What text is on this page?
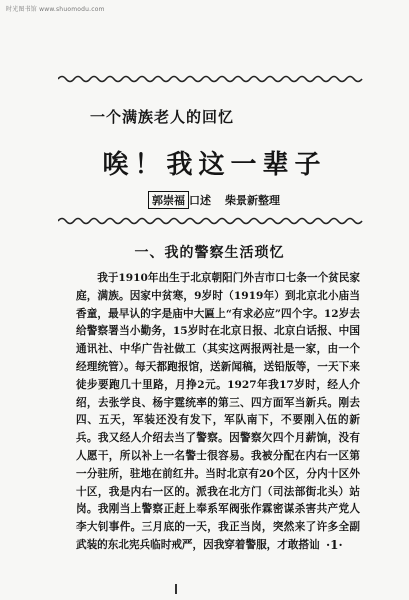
时光图书馆 www.shuomodu.com
一个满族老人的回忆
唉！我这一辈子
郭崇福 口述 柴景新整理
一、我的警察生活琐忆

我于1910年出生于北京朝阳门外吉市口七条一个贫民家庭，满族。因家中贫寒，9岁时（1919年）到北京北小庙当香童，最早认的字是庙中大匾上“有求必应”四个字。12岁去给警察署当小勤务，15岁时在北京日报、北京白话报、中国通讯社、中华广告社做工（其实这两报两社是一家，由一个经理统管）。每天都跑报馆，送新闻稿，送铅版等，一天下来徒步要跑几十里路，月挣2元。1927年我17岁时，经人介绍，去张学良、杨宇霆统率的第三、四方面军当新兵。刚去四、五天，军装还没有发下，军队南下，不要刚入伍的新兵。我又经人介绍去当了警察。因警察欠四个月薪饷，没有人愿干，所以补上一名警士很容易。我被分配在内右一区第一分驻所，驻地在前红井。当时北京有20个区，分内十区外十区，我是内右一区的。派我在北方门（司法部街北头）站岗。我刚当上警察正赶上奉系军阀张作霖密谋杀害共产党人李大钊事件。三月底的一天，我正当岗，突然来了许多全副武装的东北宪兵临时戒严，因我穿着警服，才敢搭讪 ·1·
